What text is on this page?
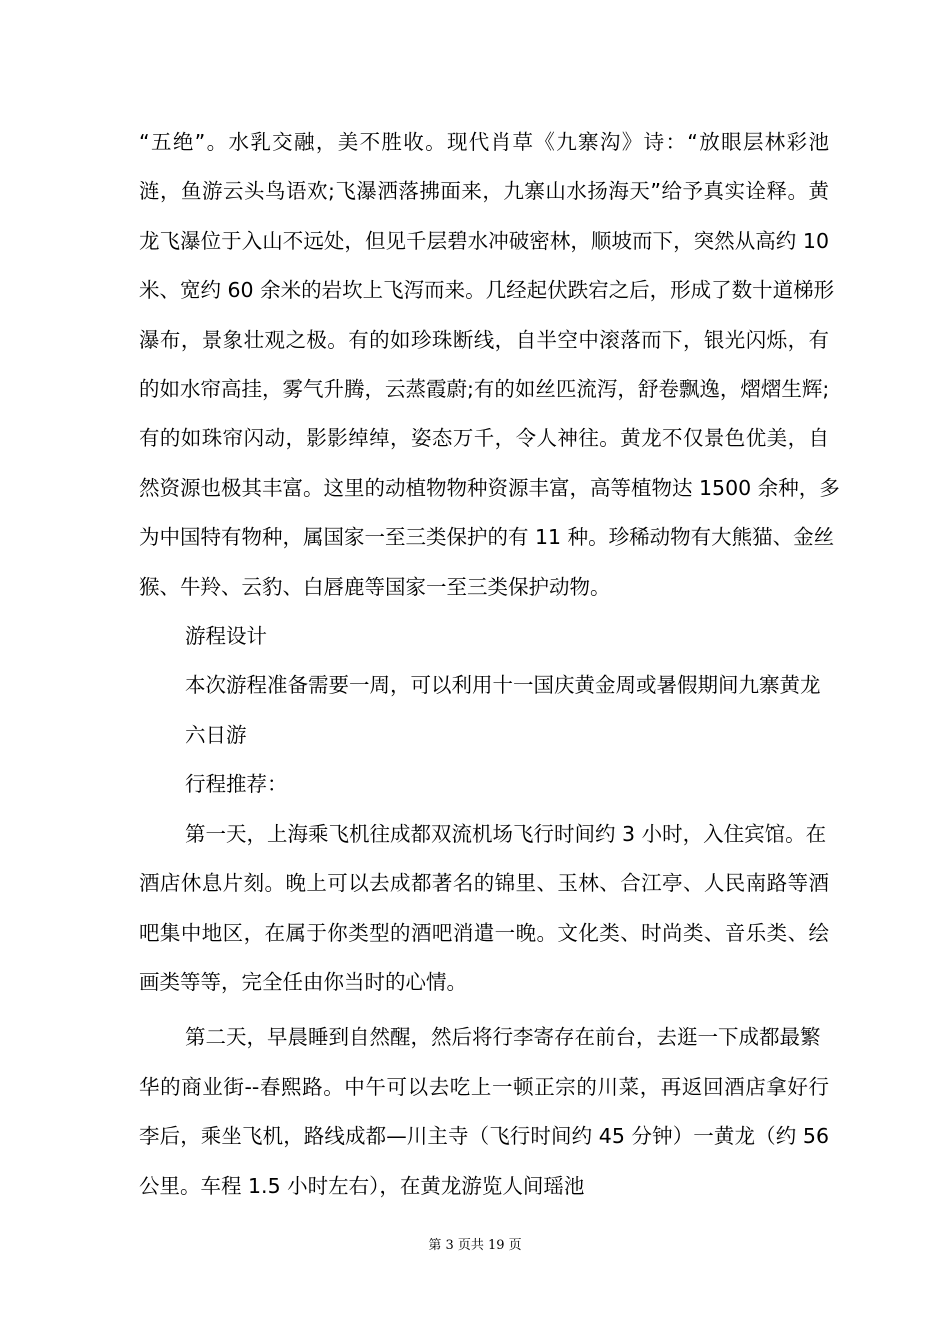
“五绝”。水乳交融，美不胜收。现代肖草《九寨沟》诗：“放眼层林彩池
涟，鱼游云头鸟语欢;飞瀑洒落拂面来，九寨山水扬海天”给予真实诠释。黄
龙飞瀑位于入山不远处，但见千层碧水冲破密林，顺坡而下，突然从高约 10
米、宽约 60 余米的岩坎上飞泻而来。几经起伏跌宕之后，形成了数十道梯形
瀑布，景象壮观之极。有的如珍珠断线，自半空中滚落而下，银光闪烁，有
的如水帘高挂，雾气升腾，云蒸霞蔚;有的如丝匹流泻，舒卷飘逸，熠熠生辉;
有的如珠帘闪动，影影绰绰，姿态万千，令人神往。黄龙不仅景色优美，自
然资源也极其丰富。这里的动植物物种资源丰富，高等植物达 1500 余种，多
为中国特有物种，属国家一至三类保护的有 11 种。珍稀动物有大熊猫、金丝
猴、牛羚、云豹、白唇鹿等国家一至三类保护动物。

游程设计

本次游程准备需要一周，可以利用十一国庆黄金周或暑假期间九寨黄龙
六日游

行程推荐：

第一天，上海乘飞机往成都双流机场飞行时间约 3 小时，入住宾馆。在
酒店休息片刻。晚上可以去成都著名的锦里、玉林、合江亭、人民南路等酒
吧集中地区，在属于你类型的酒吧消遣一晚。文化类、时尚类、音乐类、绘
画类等等，完全任由你当时的心情。

第二天，早晨睡到自然醒，然后将行李寄存在前台，去逛一下成都最繁
华的商业街--春熙路。中午可以去吃上一顿正宗的川菜，再返回酒店拿好行
李后，乘坐飞机，路线成都—川主寺（飞行时间约 45 分钟）一黄龙（约 56
公里。车程 1.5 小时左右），在黄龙游览人间瑶池

第 3 页共 19 页
